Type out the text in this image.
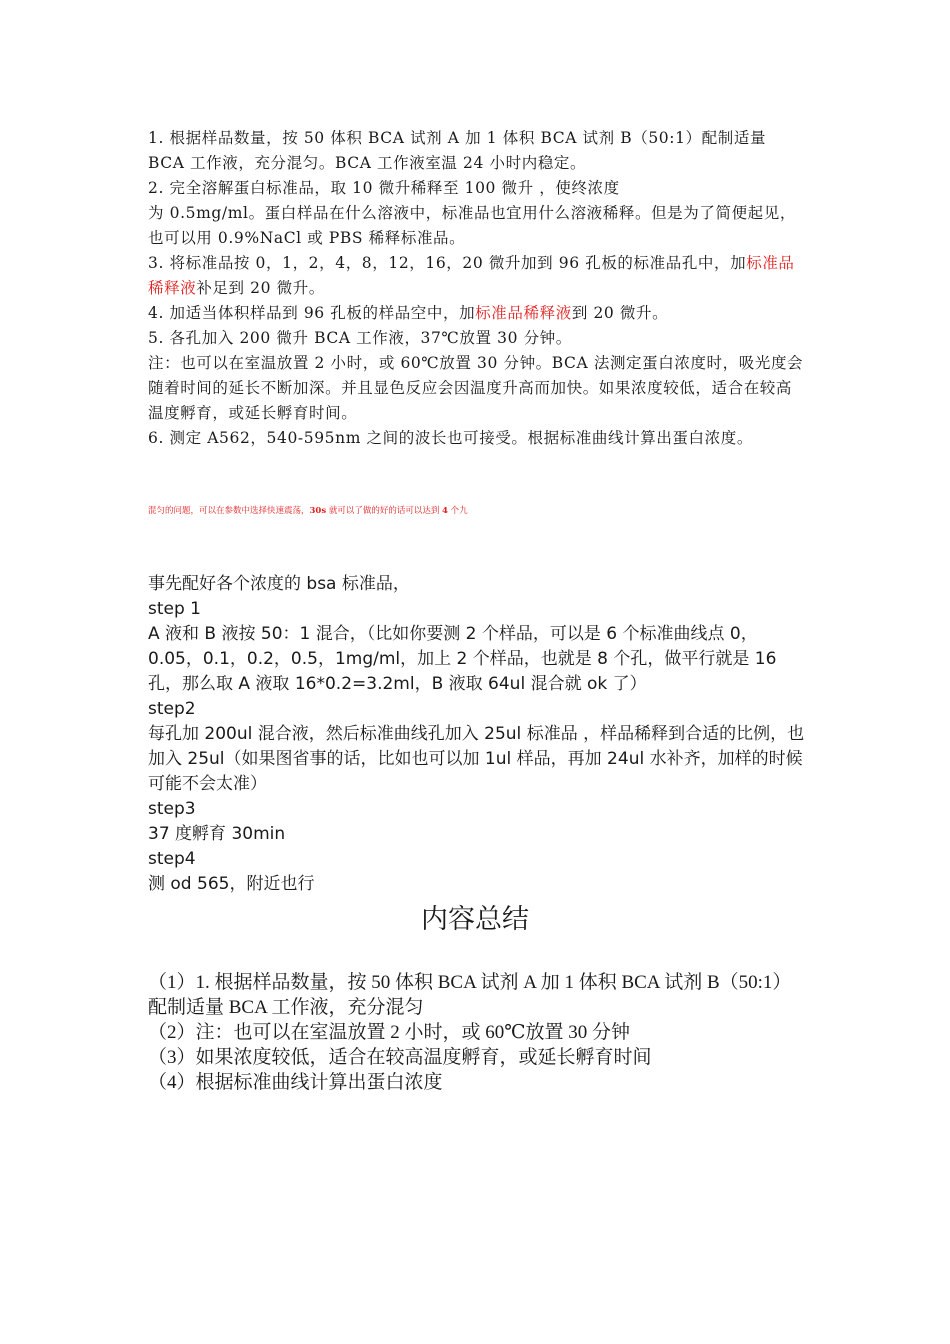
1. 根据样品数量，按 50 体积 BCA 试剂 A 加 1 体积 BCA 试剂 B（50:1）配制适量 BCA 工作液，充分混匀。BCA 工作液室温 24 小时内稳定。

2. 完全溶解蛋白标准品，取 10 微升稀释至 100 微升 ，使终浓度

为 0.5mg/ml。蛋白样品在什么溶液中，标准品也宜用什么溶液稀释。但是为了简便起见，也可以用 0.9%NaCl 或 PBS 稀释标准品。

3. 将标准品按 0，1，2，4，8，12，16，20 微升加到 96 孔板的标准品孔中，加标准品稀释液补足到 20 微升。

4. 加适当体积样品到 96 孔板的样品空中，加标准品稀释液到 20 微升。

5. 各孔加入 200 微升 BCA 工作液，37℃放置 30 分钟。

注：也可以在室温放置 2 小时，或 60℃放置 30 分钟。BCA 法测定蛋白浓度时，吸光度会随着时间的延长不断加深。并且显色反应会因温度升高而加快。如果浓度较低，适合在较高温度孵育，或延长孵育时间。

6. 测定 A562，540-595nm 之间的波长也可接受。根据标准曲线计算出蛋白浓度。

混匀的问题，可以在参数中选择快速震荡，30s 就可以了做的好的话可以达到 4 个九

事先配好各个浓度的 bsa 标准品，

step 1

A 液和 B 液按 50：1 混合，（比如你要测 2 个样品，可以是 6 个标准曲线点 0，0.05，0.1，0.2，0.5，1mg/ml，加上 2 个样品，也就是 8 个孔，做平行就是 16 孔，那么取 A 液取 16*0.2=3.2ml，B 液取 64ul 混合就 ok 了）

step2

每孔加 200ul 混合液，然后标准曲线孔加入 25ul 标准品 ，样品稀释到合适的比例，也加入 25ul（如果图省事的话，比如也可以加 1ul 样品，再加 24ul 水补齐，加样的时候可能不会太准）

step3

37 度孵育 30min

step4

测 od 565，附近也行

内容总结

（1）1. 根据样品数量，按 50 体积 BCA 试剂 A 加 1 体积 BCA 试剂 B（50:1）配制适量 BCA 工作液，充分混匀

（2）注：也可以在室温放置 2 小时，或 60℃放置 30 分钟

（3）如果浓度较低，适合在较高温度孵育，或延长孵育时间

（4）根据标准曲线计算出蛋白浓度
